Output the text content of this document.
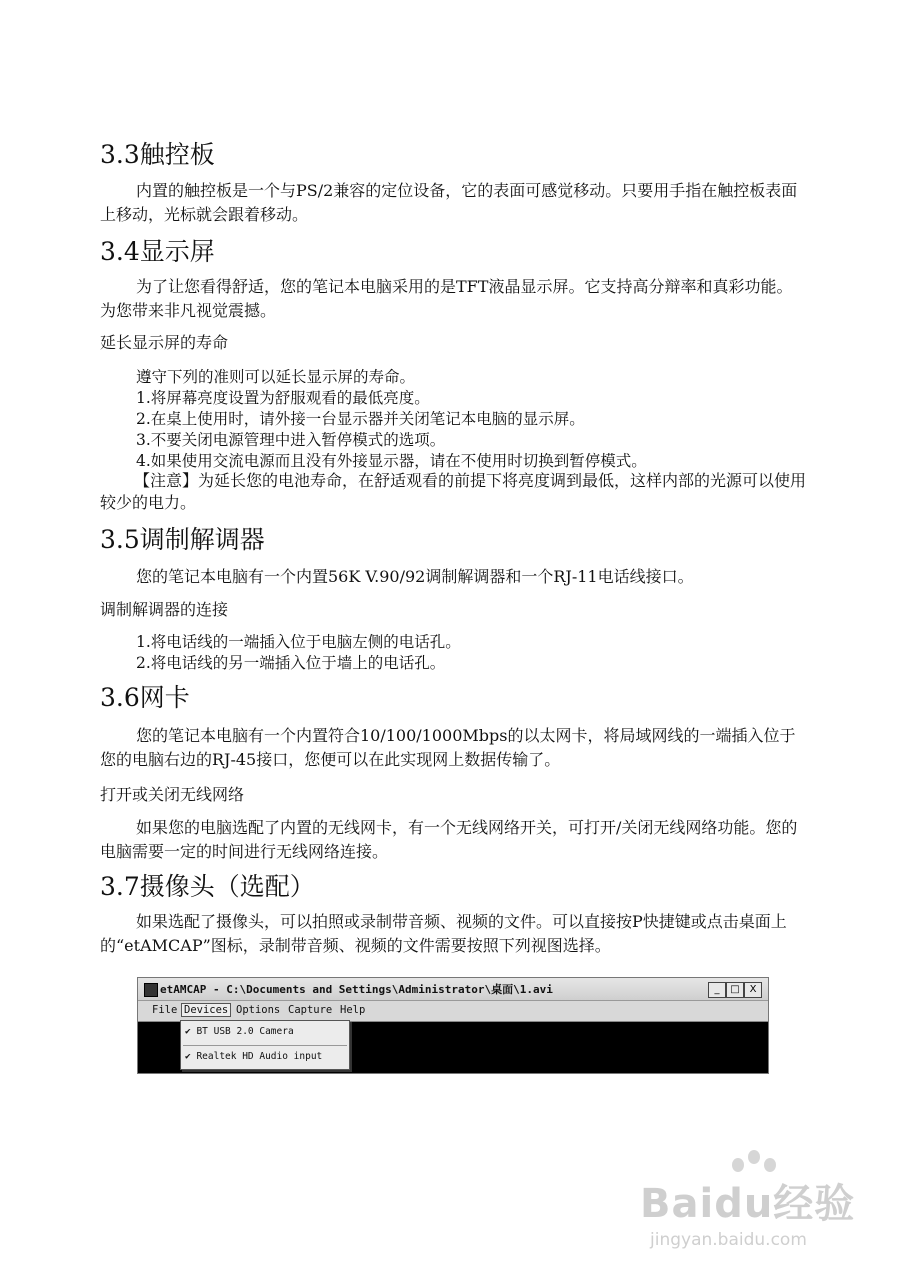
3.3触控板

内置的触控板是一个与PS/2兼容的定位设备，它的表面可感觉移动。只要用手指在触控板表面上移动，光标就会跟着移动。

3.4显示屏

为了让您看得舒适，您的笔记本电脑采用的是TFT液晶显示屏。它支持高分辩率和真彩功能。为您带来非凡视觉震撼。

延长显示屏的寿命

遵守下列的准则可以延长显示屏的寿命。

1.将屏幕亮度设置为舒服观看的最低亮度。

2.在桌上使用时，请外接一台显示器并关闭笔记本电脑的显示屏。

3.不要关闭电源管理中进入暂停模式的选项。

4.如果使用交流电源而且没有外接显示器，请在不使用时切换到暂停模式。

【注意】为延长您的电池寿命，在舒适观看的前提下将亮度调到最低，这样内部的光源可以使用较少的电力。

3.5调制解调器

您的笔记本电脑有一个内置56K V.90/92调制解调器和一个RJ-11电话线接口。

调制解调器的连接

1.将电话线的一端插入位于电脑左侧的电话孔。

2.将电话线的另一端插入位于墙上的电话孔。

3.6网卡

您的笔记本电脑有一个内置符合10/100/1000Mbps的以太网卡，将局域网线的一端插入位于您的电脑右边的RJ-45接口，您便可以在此实现网上数据传输了。

打开或关闭无线网络

如果您的电脑选配了内置的无线网卡，有一个无线网络开关，可打开/关闭无线网络功能。您的电脑需要一定的时间进行无线网络连接。

3.7摄像头（选配）

如果选配了摄像头，可以拍照或录制带音频、视频的文件。可以直接按P快捷键或点击桌面上的“etAMCAP”图标，录制带音频、视频的文件需要按照下列视图选择。

etAMCAP - C:\Documents and Settings\Administrator\桌面\1.avi	_	□ X
File Devices Options Capture Help
✔ BT USB 2.0 Camera
✔ Realtek HD Audio input
Baidu经验
jingyan.baidu.com
